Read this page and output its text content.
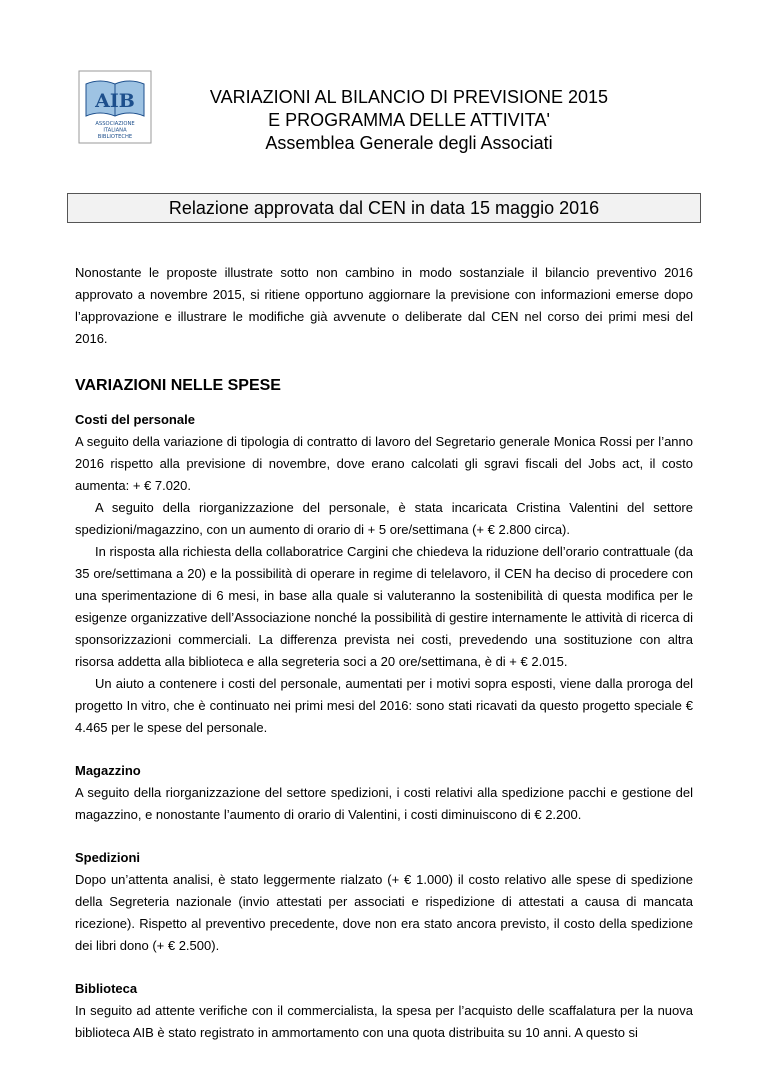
AIB
ASSOCIAZIONE
ITALIANA
BIBLIOTECHE
VARIAZIONI AL BILANCIO DI PREVISIONE 2015
E PROGRAMMA DELLE ATTIVITA'
Assemblea Generale degli Associati
Relazione approvata dal CEN in data 15 maggio 2016

Nonostante le proposte illustrate sotto non cambino in modo sostanziale il bilancio preventivo 2016 approvato a novembre 2015, si ritiene opportuno aggiornare la previsione con informazioni emerse dopo l’approvazione e illustrare le modifiche già avvenute o deliberate dal CEN nel corso dei primi mesi del 2016.

VARIAZIONI NELLE SPESE
Costi del personale

A seguito della variazione di tipologia di contratto di lavoro del Segretario generale Monica Rossi per l’anno 2016 rispetto alla previsione di novembre, dove erano calcolati gli sgravi fiscali del Jobs act, il costo aumenta: + € 7.020.

A seguito della riorganizzazione del personale, è stata incaricata Cristina Valentini del settore spedizioni/magazzino, con un aumento di orario di + 5 ore/settimana (+ € 2.800 circa).

In risposta alla richiesta della collaboratrice Cargini che chiedeva la riduzione dell’orario contrattuale (da 35 ore/settimana a 20) e la possibilità di operare in regime di telelavoro, il CEN ha deciso di procedere con una sperimentazione di 6 mesi, in base alla quale si valuteranno la sostenibilità di questa modifica per le esigenze organizzative dell’Associazione nonché la possibilità di gestire internamente le attività di ricerca di sponsorizzazioni commerciali. La differenza prevista nei costi, prevedendo una sostituzione con altra risorsa addetta alla biblioteca e alla segreteria soci a 20 ore/settimana, è di + € 2.015.

Un aiuto a contenere i costi del personale, aumentati per i motivi sopra esposti, viene dalla proroga del progetto In vitro, che è continuato nei primi mesi del 2016: sono stati ricavati da questo progetto speciale € 4.465 per le spese del personale.

Magazzino

A seguito della riorganizzazione del settore spedizioni, i costi relativi alla spedizione pacchi e gestione del magazzino, e nonostante l’aumento di orario di Valentini, i costi diminuiscono di € 2.200.

Spedizioni

Dopo un’attenta analisi, è stato leggermente rialzato (+ € 1.000) il costo relativo alle spese di spedizione della Segreteria nazionale (invio attestati per associati e rispedizione di attestati a causa di mancata ricezione). Rispetto al preventivo precedente, dove non era stato ancora previsto, il costo della spedizione dei libri dono (+ € 2.500).

Biblioteca

In seguito ad attente verifiche con il commercialista, la spesa per l’acquisto delle scaffalatura per la nuova biblioteca AIB è stato registrato in ammortamento con una quota distribuita su 10 anni. A questo si
